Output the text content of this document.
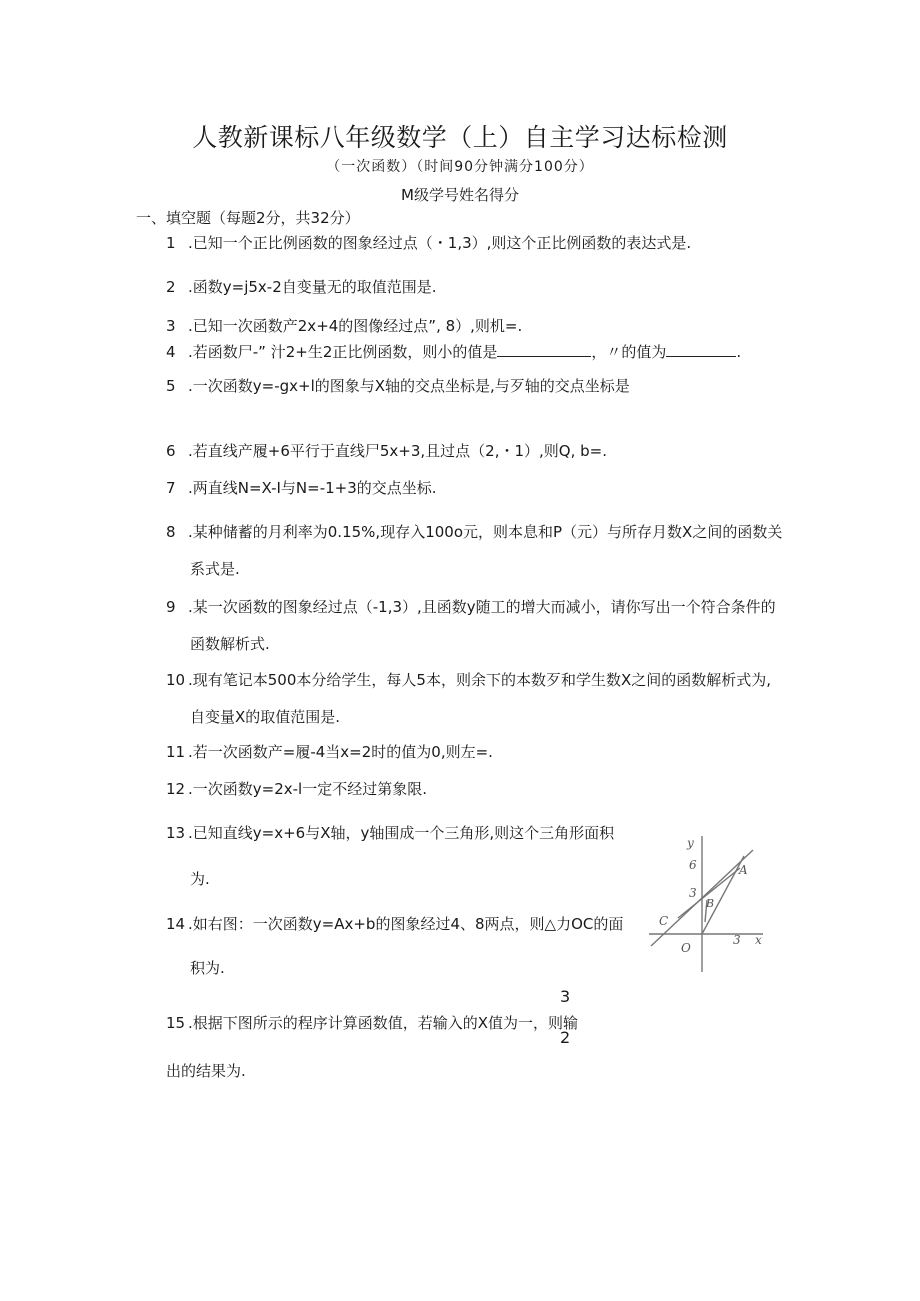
人教新课标八年级数学（上）自主学习达标检测
（一次函数）（时间90分钟满分100分）
M级学号姓名得分
一、填空题（每题2分，共32分）
1 .已知一个正比例函数的图象经过点（・1,3）,则这个正比例函数的表达式是.
2 .函数y=j5x-2自变量无的取值范围是.
3 .已知一次函数产2x+4的图像经过点”, 8）,则机=.
4 .若函数尸-” 汁2+生2正比例函数，则小的值是	，〃的值为	.
5 .一次函数y=-gx+l的图象与X轴的交点坐标是,与歹轴的交点坐标是
6 .若直线产履+6平行于直线尸5x+3,且过点（2,・1）,则Q, b=.
7 .两直线N=X-I与N=-1+3的交点坐标.
8 .某种储蓄的月利率为0.15%,现存入100o元，则本息和P（元）与所存月数X之间的函数关
系式是.
9 .某一次函数的图象经过点（-1,3）,且函数y随工的增大而减小，请你写出一个符合条件的
函数解析式.
10 .现有笔记本500本分给学生，每人5本，则余下的本数歹和学生数X之间的函数解析式为,
自变量X的取值范围是.
11 .若一次函数产=履-4当x=2时的值为0,则左=.
12 .一次函数y=2x-l一定不经过第象限.
13 .已知直线y=x+6与X轴，y轴围成一个三角形,则这个三角形面积
为.
14 .如右图：一次函数y=Ax+b的图象经过4、8两点，则△力OC的面
积为.
15 .根据下图所示的程序计算函数值，若输入的X值为一，则输
3
2
出的结果为.
y
6
3
A
B
C
O
3 x
